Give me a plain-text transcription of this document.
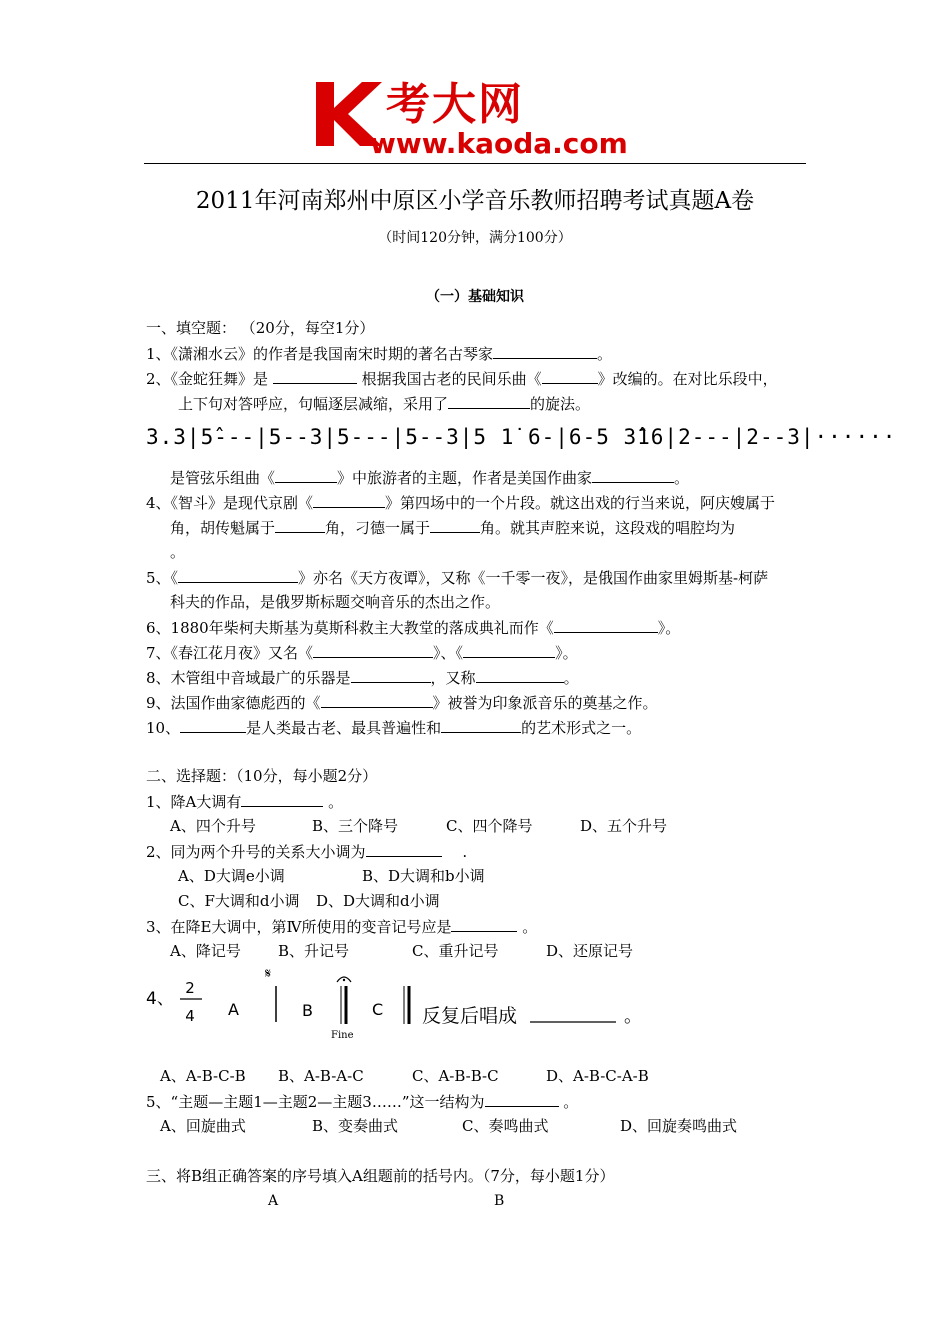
考大网
www.kaoda.com
2011年河南郑州中原区小学音乐教师招聘考试真题A卷
（时间120分钟，满分100分）
（一）基础知识
一、填空题： （20分，每空1分）
1、《潇湘水云》的作者是我国南宋时期的著名古琴家	。
2、《金蛇狂舞》是	根据我国古老的民间乐曲《	》改编的。在对比乐段中，
上下句对答呼应，句幅逐层减缩，采用了	的旋法。
3.3|5̂---|5--3|5---|5--3|5 1̇ 6-|6-5 3̂16|2---|2--3|······
是管弦乐组曲《	》中旅游者的主题，作者是美国作曲家	。
4、《智斗》是现代京剧《	》第四场中的一个片段。就这出戏的行当来说，阿庆嫂属于
角，胡传魁属于	角，刁德一属于	角。就其声腔来说，这段戏的唱腔均为
。
5、《	》亦名《天方夜谭》，又称《一千零一夜》，是俄国作曲家里姆斯基-柯萨
科夫的作品，是俄罗斯标题交响音乐的杰出之作。
6、1880年柴柯夫斯基为莫斯科救主大教堂的落成典礼而作《	》。
7、《春江花月夜》又名《	》、《	》。
8、木管组中音域最广的乐器是	，又称	。
9、法国作曲家德彪西的《	》被誉为印象派音乐的奠基之作。
10、	是人类最古老、最具普遍性和	的艺术形式之一。
二、选择题：（10分，每小题2分）
1、降A大调有	。
A、四个升号	B、三个降号	C、四个降号	D、五个升号
2、同为两个升号的关系大小调为	.
A、D大调e小调	B、D大调和b小调
C、F大调和d小调 D、D大调和d小调
3、在降E大调中，第Ⅳ所使用的变音记号应是	。
A、降记号 B、升记号	C、重升记号	D、还原记号
4、
2
4 A
𝄋
B
Fine
C 反复后唱成	。
A、A-B-C-B B、A-B-A-C	C、A-B-B-C	D、A-B-C-A-B
5、“主题—主题1—主题2—主题3……”这一结构为	。
A、回旋曲式	B、变奏曲式	C、奏鸣曲式	D、回旋奏鸣曲式
三、将B组正确答案的序号填入A组题前的括号内。（7分，每小题1分）
A	B
